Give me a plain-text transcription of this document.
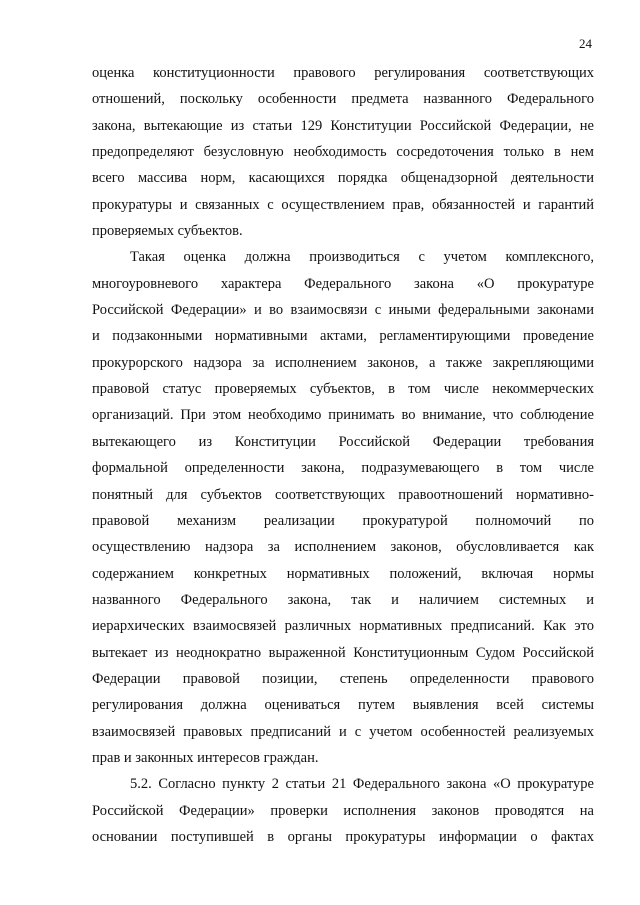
24

оценка конституционности правового регулирования соответствующих
отношений, поскольку особенности предмета названного Федерального
закона, вытекающие из статьи 129 Конституции Российской Федерации, не
предопределяют безусловную необходимость сосредоточения только в нем
всего массива норм, касающихся порядка общенадзорной деятельности
прокуратуры и связанных с осуществлением прав, обязанностей и гарантий
проверяемых субъектов.

Такая оценка должна производиться с учетом комплексного,
многоуровневого характера Федерального закона «О прокуратуре
Российской Федерации» и во взаимосвязи с иными федеральными законами
и подзаконными нормативными актами, регламентирующими проведение
прокурорского надзора за исполнением законов, а также закрепляющими
правовой статус проверяемых субъектов, в том числе некоммерческих
организаций. При этом необходимо принимать во внимание, что соблюдение
вытекающего из Конституции Российской Федерации требования
формальной определенности закона, подразумевающего в том числе
понятный для субъектов соответствующих правоотношений нормативно-
правовой механизм реализации прокуратурой полномочий по
осуществлению надзора за исполнением законов, обусловливается как
содержанием конкретных нормативных положений, включая нормы
названного Федерального закона, так и наличием системных и
иерархических взаимосвязей различных нормативных предписаний. Как это
вытекает из неоднократно выраженной Конституционным Судом Российской
Федерации правовой позиции, степень определенности правового
регулирования должна оцениваться путем выявления всей системы
взаимосвязей правовых предписаний и с учетом особенностей реализуемых
прав и законных интересов граждан.

5.2. Согласно пункту 2 статьи 21 Федерального закона «О прокуратуре
Российской Федерации» проверки исполнения законов проводятся на
основании поступившей в органы прокуратуры информации о фактах
